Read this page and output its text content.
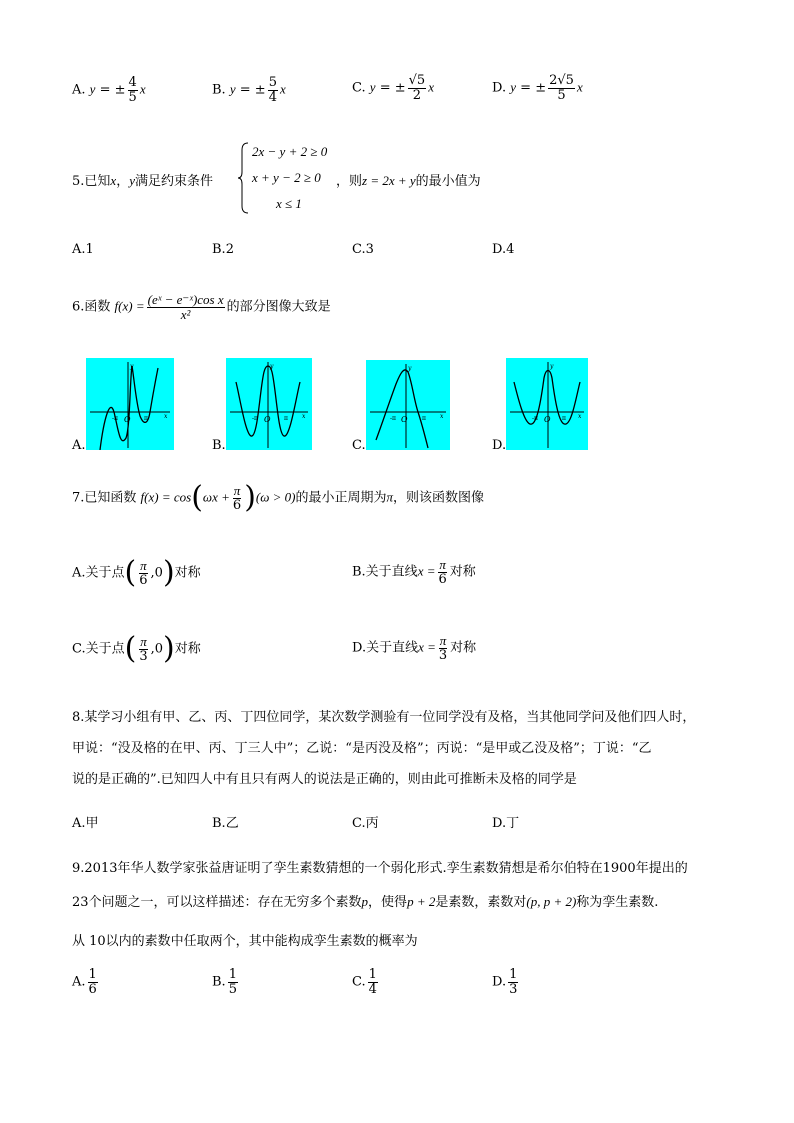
A. y = ± $\frac{4}{5}$ x	B. y = ± $\frac{5}{4}$ x	C. y = ± $\frac{√5}{2}$ x	D. y = ± $\frac{2√5}{5}$ x
5.已知x，y满足约束条件
2x − y + 2 ≥ 0
x + y − 2 ≥ 0
x ≤ 1
，则z = 2x + y的最小值为
A.1	B.2	C.3	D.4
6.函数 $f(x) = \frac{\text{(eˣ − e⁻ˣ)cos x}}{\text{x²}}$ 的部分图像大致是
A.
-π O π	x
y
B.
-π O π x
y
C.
-π O π x
y
D.
-π O π x
y
7.已知函数 $f(x) = \cos(\omega x + \frac{\pi}{6} )(\omega > 0)$的最小正周期为π，则该函数图像
A.关于点( $\frac{\pi}{6} ,0$)对称	B.关于直线$x = \frac{\pi}{6}$ 对称
C.关于点( $\frac{\pi}{3} ,0$)对称	D.关于直线$x = \frac{\pi}{3}$ 对称
8.某学习小组有甲、乙、丙、丁四位同学，某次数学测验有一位同学没有及格，当其他同学问及他们四人时，
甲说：“没及格的在甲、丙、丁三人中”；乙说：“是丙没及格”；丙说：“是甲或乙没及格”；丁说：“乙
说的是正确的”.已知四人中有且只有两人的说法是正确的，则由此可推断未及格的同学是
A.甲	B.乙	C.丙	D.丁
9.2013年华人数学家张益唐证明了孪生素数猜想的一个弱化形式.孪生素数猜想是希尔伯特在1900年提出的
23个问题之一，可以这样描述：存在无穷多个素数p，使得p + 2是素数，素数对(p, p + 2)称为孪生素数.
从 10以内的素数中任取两个，其中能构成孪生素数的概率为
A. $\frac{1}{6}$	B. $\frac{1}{5}$	C. $\frac{1}{4}$	D. $\frac{1}{3}$
